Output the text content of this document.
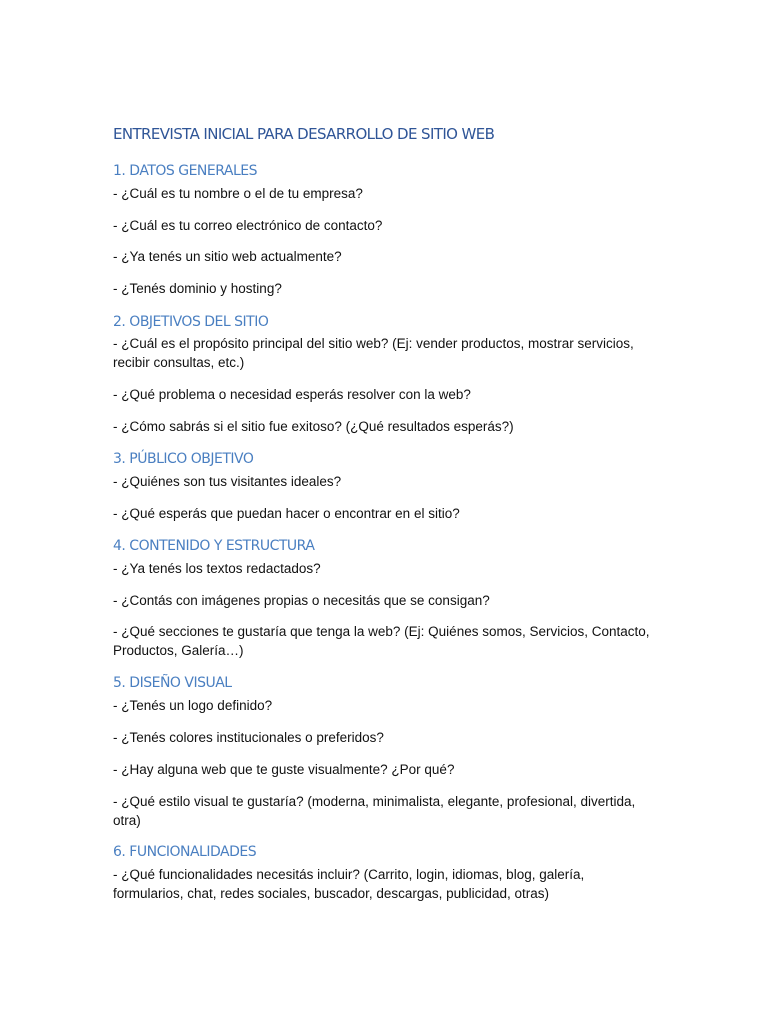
ENTREVISTA INICIAL PARA DESARROLLO DE SITIO WEB
1. DATOS GENERALES

- ¿Cuál es tu nombre o el de tu empresa?

- ¿Cuál es tu correo electrónico de contacto?

- ¿Ya tenés un sitio web actualmente?

- ¿Tenés dominio y hosting?

2. OBJETIVOS DEL SITIO

- ¿Cuál es el propósito principal del sitio web? (Ej: vender productos, mostrar servicios, recibir consultas, etc.)

- ¿Qué problema o necesidad esperás resolver con la web?

- ¿Cómo sabrás si el sitio fue exitoso? (¿Qué resultados esperás?)

3. PÚBLICO OBJETIVO

- ¿Quiénes son tus visitantes ideales?

- ¿Qué esperás que puedan hacer o encontrar en el sitio?

4. CONTENIDO Y ESTRUCTURA

- ¿Ya tenés los textos redactados?

- ¿Contás con imágenes propias o necesitás que se consigan?

- ¿Qué secciones te gustaría que tenga la web? (Ej: Quiénes somos, Servicios, Contacto, Productos, Galería…)

5. DISEÑO VISUAL

- ¿Tenés un logo definido?

- ¿Tenés colores institucionales o preferidos?

- ¿Hay alguna web que te guste visualmente? ¿Por qué?

- ¿Qué estilo visual te gustaría? (moderna, minimalista, elegante, profesional, divertida, otra)

6. FUNCIONALIDADES

- ¿Qué funcionalidades necesitás incluir? (Carrito, login, idiomas, blog, galería, formularios, chat, redes sociales, buscador, descargas, publicidad, otras)
